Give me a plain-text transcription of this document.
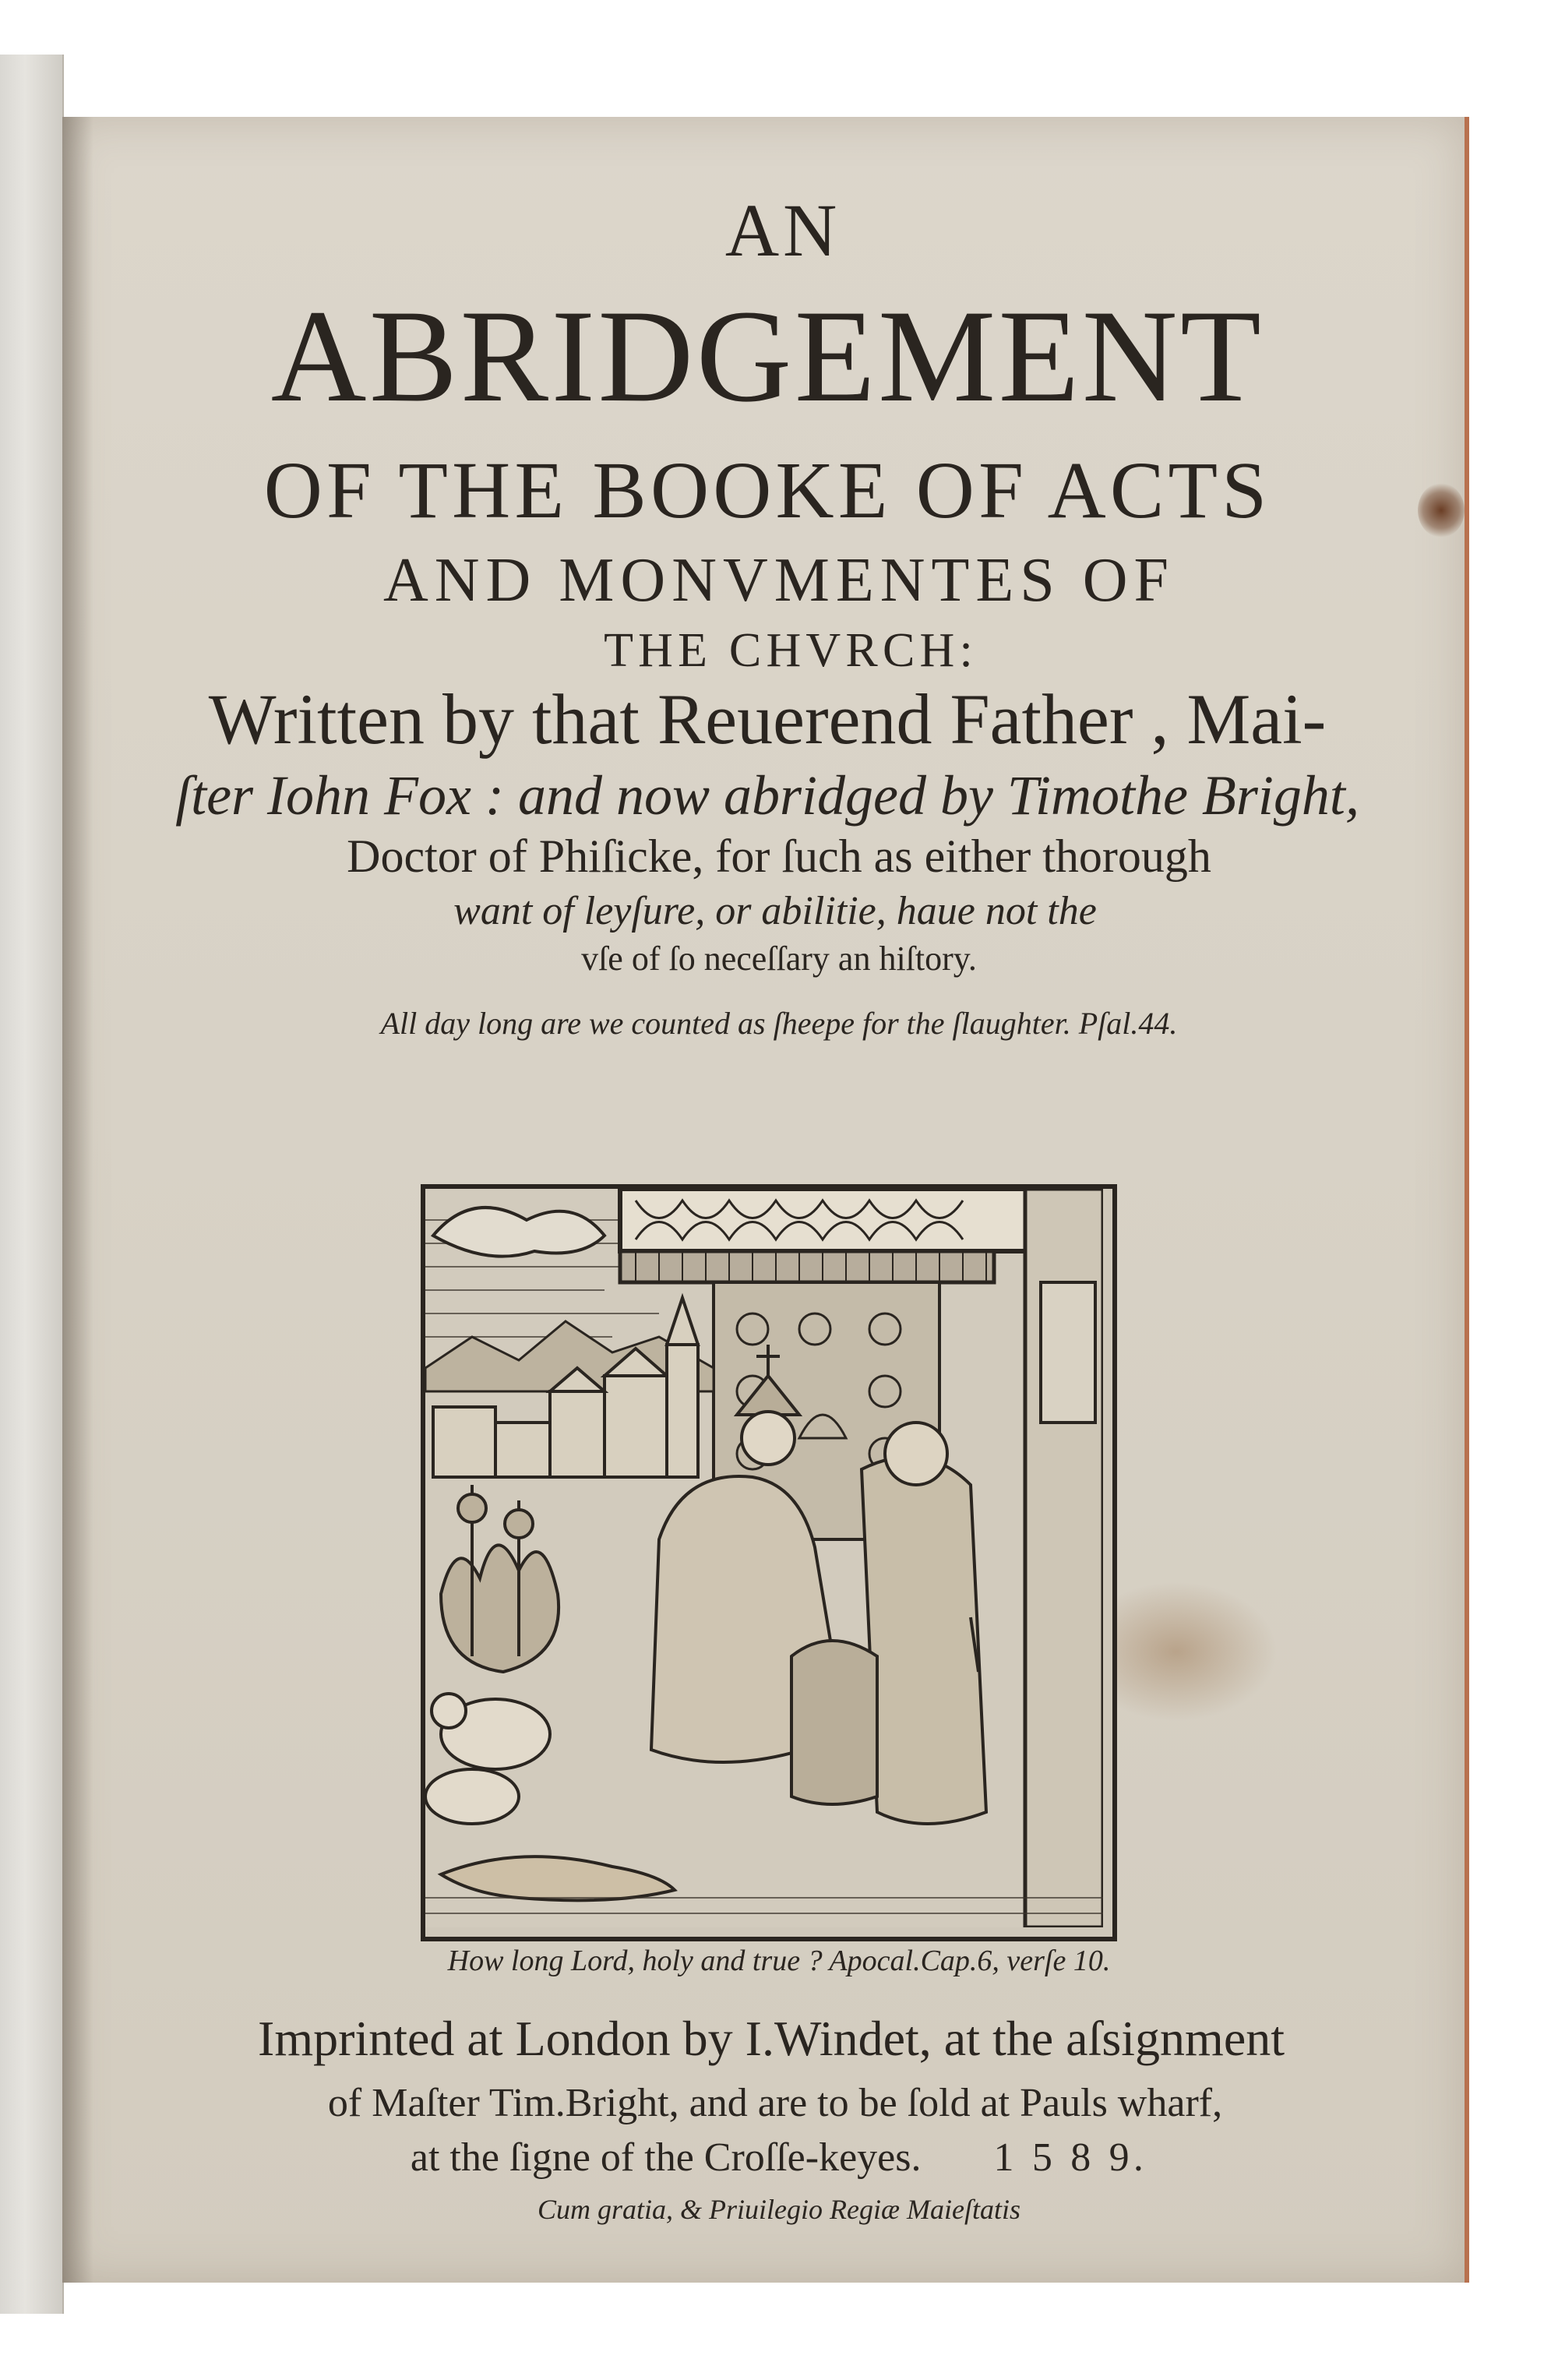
AN
ABRIDGEMENT
OF THE BOOKE OF ACTS
AND MONVMENTES OF
THE CHVRCH:
Written by that Reuerend Father , Mai-
ſter Iohn Fox : and now abridged by Timothe Bright,
Doctor of Phiſicke, for ſuch as either thorough
want of leyſure, or abilitie, haue not the
vſe of ſo neceſſary an hiſtory.
All day long are we counted as ſheepe for the ſlaughter. Pſal.44.
How long Lord, holy and true ? Apocal.Cap.6, verſe 10.
Imprinted at London by I.Windet, at the aſsignment
of Maſter Tim.Bright, and are to be ſold at Pauls wharf,
at the ſigne of the Croſſe-keyes. 1 5 8 9.
Cum gratia, & Priuilegio Regiæ Maieſtatis
